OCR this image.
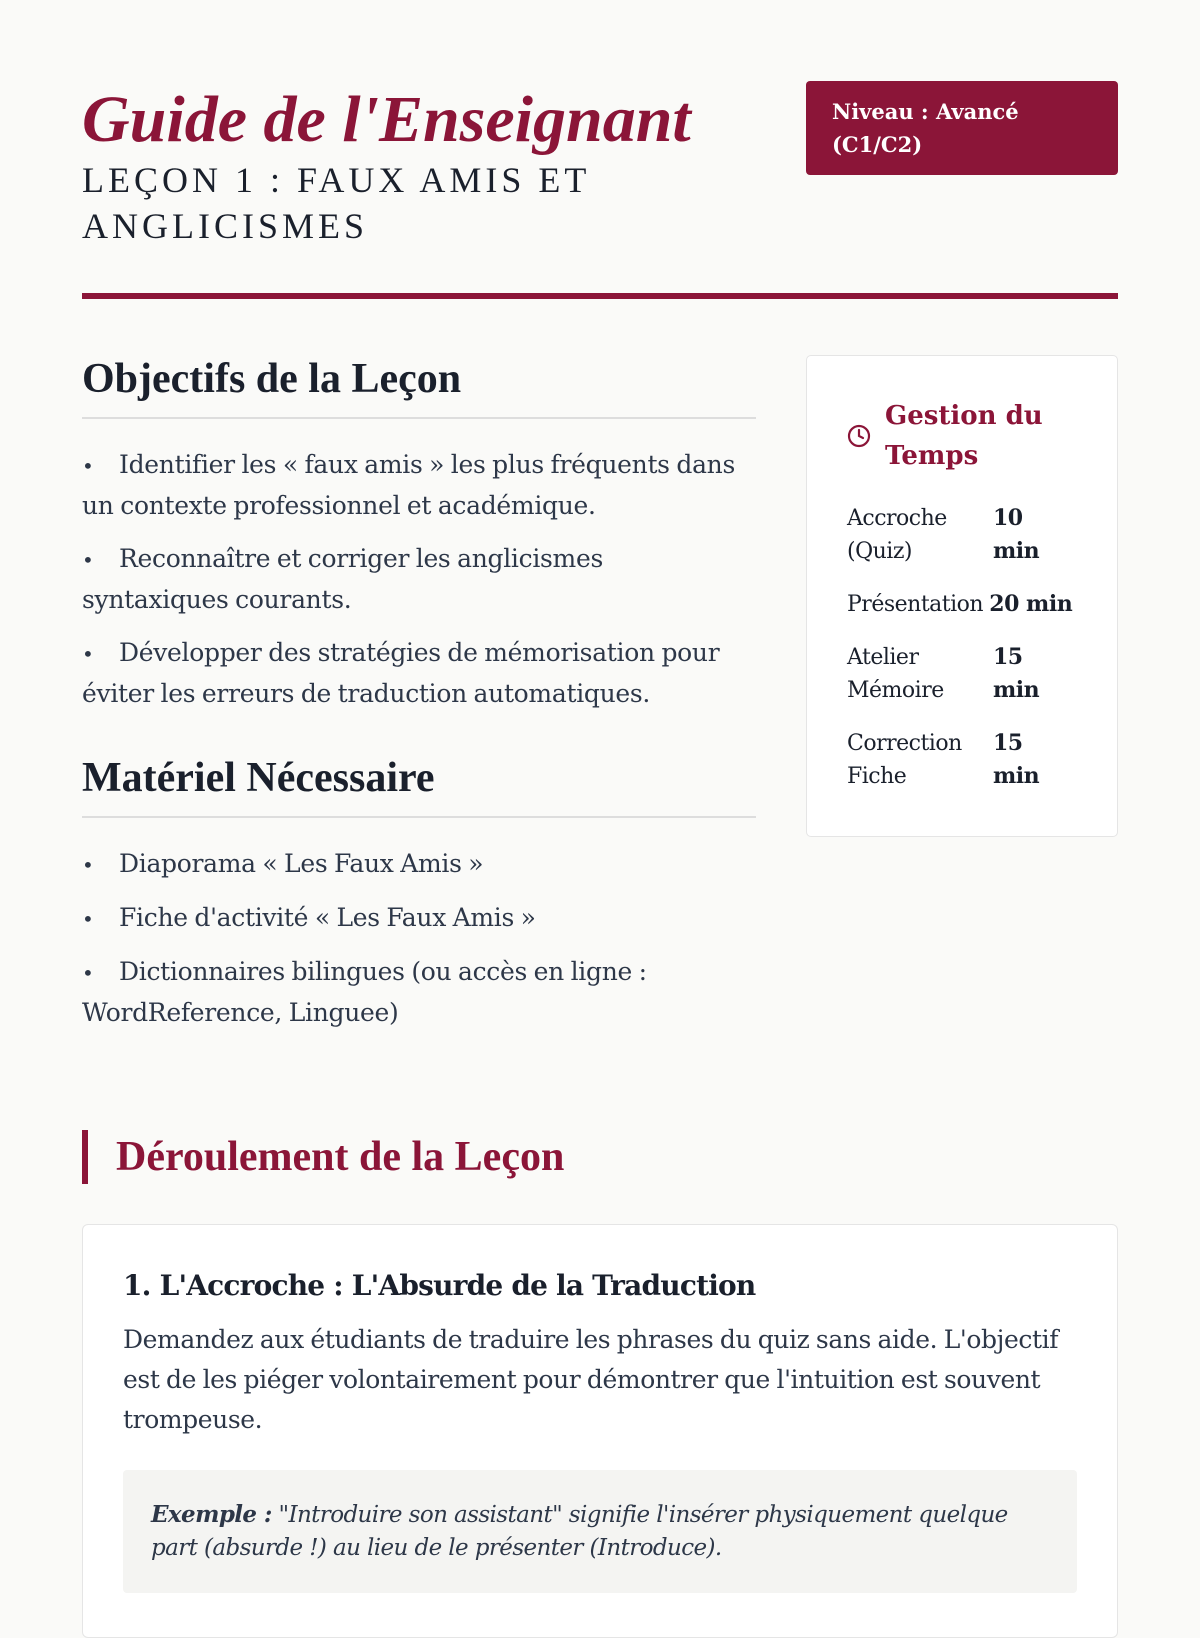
Guide de l'Enseignant
LEÇON 1 : FAUX AMIS ET ANGLICISMES
Niveau : Avancé (C1/C2)
Objectifs de la Leçon
• Identifier les « faux amis » les plus fréquents dans un contexte professionnel et académique.
• Reconnaître et corriger les anglicismes syntaxiques courants.
• Développer des stratégies de mémorisation pour éviter les erreurs de traduction automatiques.
Matériel Nécessaire
• Diaporama « Les Faux Amis »
• Fiche d'activité « Les Faux Amis »
• Dictionnaires bilingues (ou accès en ligne : WordReference, Linguee)
Gestion du Temps
Accroche (Quiz)
10 min
Présentation 20 min
Atelier Mémoire
15 min
Correction Fiche
15 min
Déroulement de la Leçon
1. L'Accroche : L'Absurde de la Traduction

Demandez aux étudiants de traduire les phrases du quiz sans aide. L'objectif est de les piéger volontairement pour démontrer que l'intuition est souvent trompeuse.

Exemple : "Introduire son assistant" signifie l'insérer physiquement quelque part (absurde !) au lieu de le présenter (Introduce).
